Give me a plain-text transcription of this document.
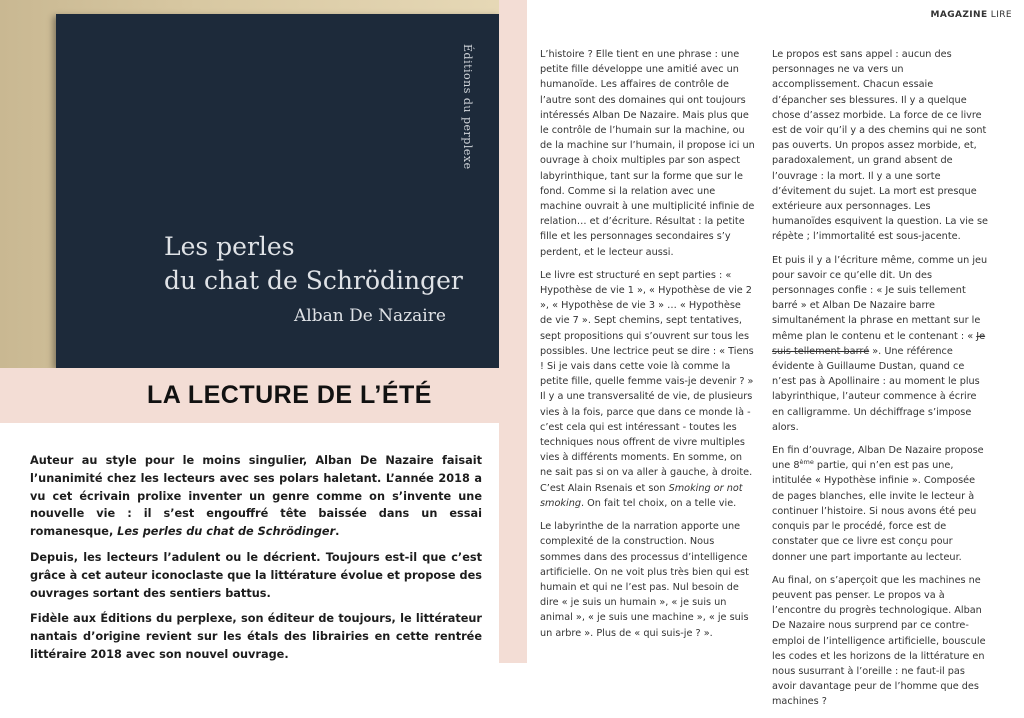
Éditions du perplexe
Les perles
du chat de Schrödinger
Alban De Nazaire
LA LECTURE DE L’ÉTÉ

Auteur au style pour le moins singulier, Alban De Nazaire faisait l’unanimité chez les lecteurs avec ses polars haletant. L’année 2018 a vu cet écrivain prolixe inventer un genre comme on s’invente une nouvelle vie : il s’est engouffré tête baissée dans un essai romanesque, Les perles du chat de Schrödinger.

Depuis, les lecteurs l’adulent ou le décrient. Toujours est-il que c’est grâce à cet auteur iconoclaste que la littérature évolue et propose des ouvrages sortant des sentiers battus.

Fidèle aux Éditions du perplexe, son éditeur de toujours, le littérateur nantais d’origine revient sur les étals des librairies en cette rentrée littéraire 2018 avec son nouvel ouvrage.

MAGAZINE LIRE

L’histoire ? Elle tient en une phrase : une petite fille développe une amitié avec un humanoïde. Les affaires de contrôle de l’autre sont des domaines qui ont toujours intéressés Alban De Nazaire. Mais plus que le contrôle de l’humain sur la machine, ou de la machine sur l’humain, il propose ici un ouvrage à choix multiples par son aspect labyrinthique, tant sur la forme que sur le fond. Comme si la relation avec une machine ouvrait à une multiplicité infinie de relation… et d’écriture. Résultat : la petite fille et les personnages secondaires s’y perdent, et le lecteur aussi.

Le livre est structuré en sept parties : « Hypothèse de vie 1 », « Hypothèse de vie 2 », « Hypothèse de vie 3 » … « Hypothèse de vie 7 ». Sept chemins, sept tentatives, sept propositions qui s’ouvrent sur tous les possibles. Une lectrice peut se dire : « Tiens ! Si je vais dans cette voie là comme la petite fille, quelle femme vais-je devenir ? » Il y a une transversalité de vie, de plusieurs vies à la fois, parce que dans ce monde là - c’est cela qui est intéressant - toutes les techniques nous offrent de vivre multiples vies à différents moments. En somme, on ne sait pas si on va aller à gauche, à droite. C’est Alain Rsenais et son Smoking or not smoking. On fait tel choix, on a telle vie.

Le labyrinthe de la narration apporte une complexité de la construction. Nous sommes dans des processus d’intelligence artificielle. On ne voit plus très bien qui est humain et qui ne l’est pas. Nul besoin de dire « je suis un humain », « je suis un animal », « je suis une machine », « je suis un arbre ». Plus de « qui suis-je ? ».

Le propos est sans appel : aucun des personnages ne va vers un accomplissement. Chacun essaie d’épancher ses blessures. Il y a quelque chose d’assez morbide. La force de ce livre est de voir qu’il y a des chemins qui ne sont pas ouverts. Un propos assez morbide, et, paradoxalement, un grand absent de l’ouvrage : la mort. Il y a une sorte d’évitement du sujet. La mort est presque extérieure aux personnages. Les humanoïdes esquivent la question. La vie se répète ; l’immortalité est sous-jacente.

Et puis il y a l’écriture même, comme un jeu pour savoir ce qu’elle dit. Un des personnages confie : « Je suis tellement barré » et Alban De Nazaire barre simultanément la phrase en mettant sur le même plan le contenu et le contenant : « Je suis tellement barré ». Une référence évidente à Guillaume Dustan, quand ce n’est pas à Apollinaire : au moment le plus labyrinthique, l’auteur commence à écrire en calligramme. Un déchiffrage s’impose alors.

En fin d’ouvrage, Alban De Nazaire propose une 8ème partie, qui n’en est pas une, intitulée « Hypothèse infinie ». Composée de pages blanches, elle invite le lecteur à continuer l’histoire. Si nous avons été peu conquis par le procédé, force est de constater que ce livre est conçu pour donner une part importante au lecteur.

Au final, on s’aperçoit que les machines ne peuvent pas penser. Le propos va à l’encontre du progrès technologique. Alban De Nazaire nous surprend par ce contre-emploi de l’intelligence artificielle, bouscule les codes et les horizons de la littérature en nous susurrant à l’oreille : ne faut-il pas avoir davantage peur de l’homme que des machines ?
